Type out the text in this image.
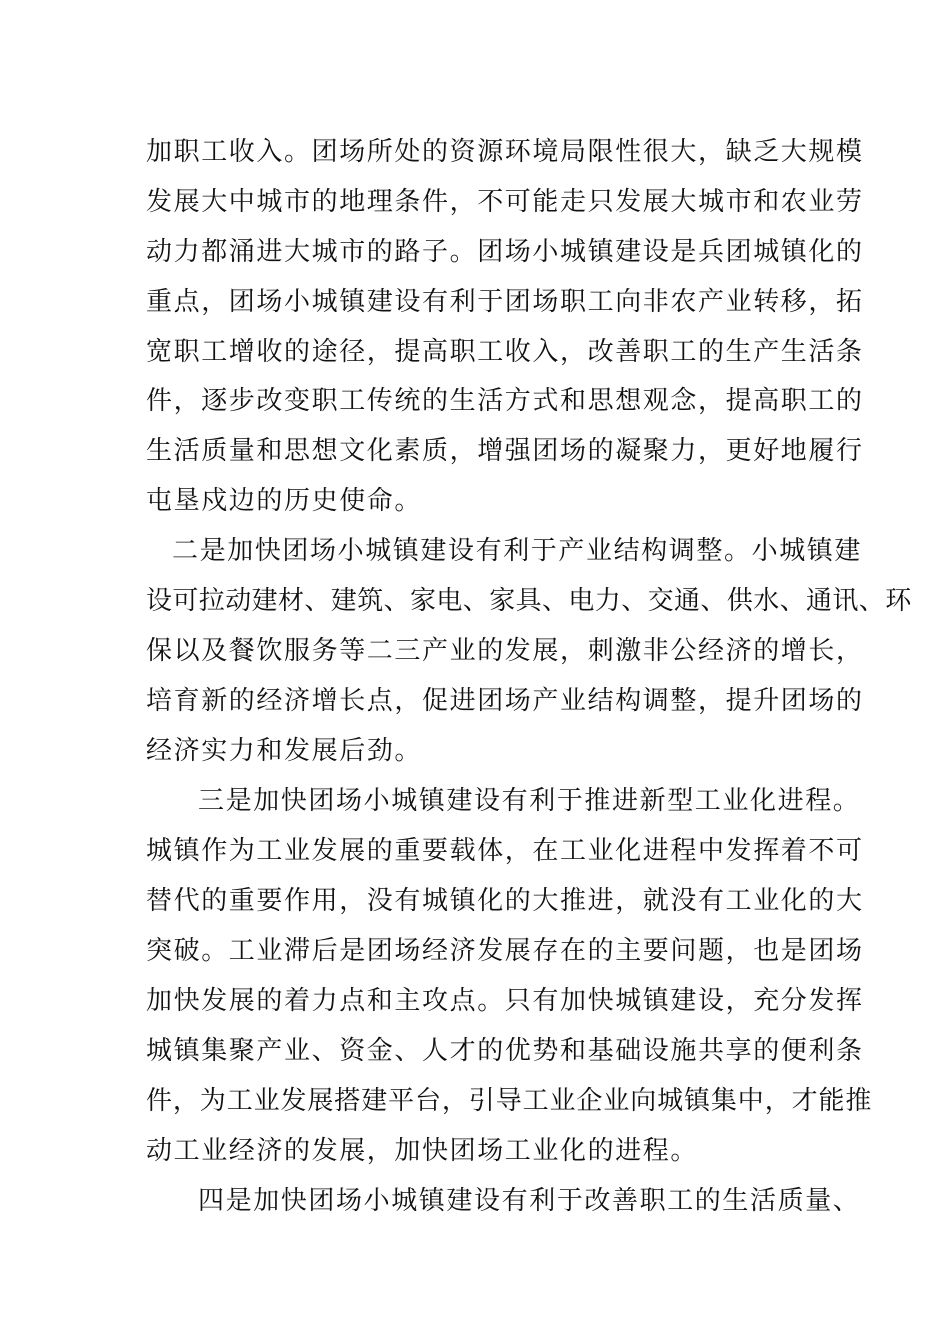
加职工收入。团场所处的资源环境局限性很大，缺乏大规模
发展大中城市的地理条件，不可能走只发展大城市和农业劳
动力都涌进大城市的路子。团场小城镇建设是兵团城镇化的
重点，团场小城镇建设有利于团场职工向非农产业转移，拓
宽职工增收的途径，提高职工收入，改善职工的生产生活条
件，逐步改变职工传统的生活方式和思想观念，提高职工的
生活质量和思想文化素质，增强团场的凝聚力，更好地履行
屯垦戍边的历史使命。
二是加快团场小城镇建设有利于产业结构调整。小城镇建
设可拉动建材、建筑、家电、家具、电力、交通、供水、通讯、环
保以及餐饮服务等二三产业的发展，刺激非公经济的增长，
培育新的经济增长点，促进团场产业结构调整，提升团场的
经济实力和发展后劲。
三是加快团场小城镇建设有利于推进新型工业化进程。
城镇作为工业发展的重要载体，在工业化进程中发挥着不可
替代的重要作用，没有城镇化的大推进，就没有工业化的大
突破。工业滞后是团场经济发展存在的主要问题，也是团场
加快发展的着力点和主攻点。只有加快城镇建设，充分发挥
城镇集聚产业、资金、人才的优势和基础设施共享的便利条
件，为工业发展搭建平台，引导工业企业向城镇集中，才能推
动工业经济的发展，加快团场工业化的进程。
四是加快团场小城镇建设有利于改善职工的生活质量、
